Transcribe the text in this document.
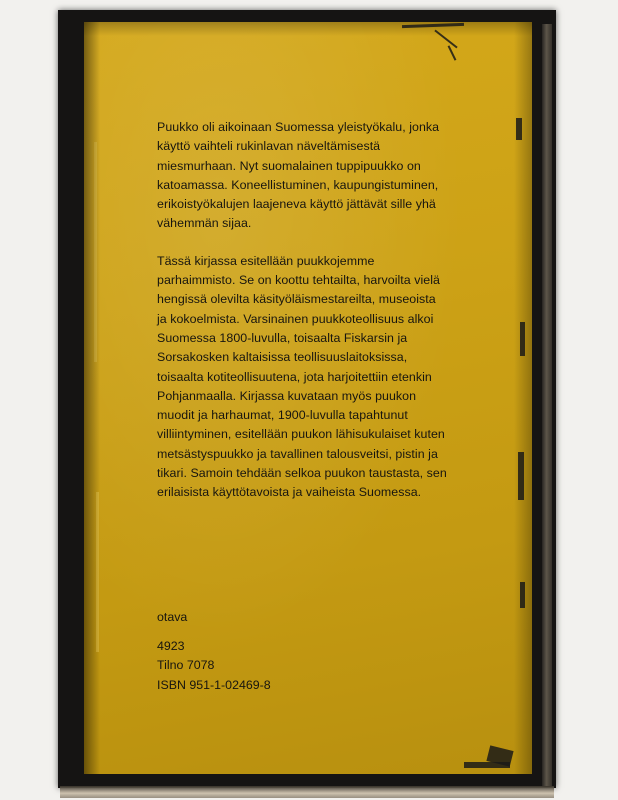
Puukko oli aikoinaan Suomessa yleistyökalu, jonka käyttö vaihteli rukinlavan näveltämisestä miesmurhaan. Nyt suomalainen tuppipuukko on katoamassa. Koneellistuminen, kaupungistuminen, erikoistyökalujen laajeneva käyttö jättävät sille yhä vähemmän sijaa.

Tässä kirjassa esitellään puukkojemme parhaimmisto. Se on koottu tehtailta, harvoilta vielä hengissä olevilta käsityöläismestareilta, museoista ja kokoelmista. Varsinainen puukkoteollisuus alkoi Suomessa 1800-luvulla, toisaalta Fiskarsin ja Sorsakosken kaltaisissa teollisuuslaitoksissa, toisaalta kotiteollisuutena, jota harjoitettiin etenkin Pohjanmaalla. Kirjassa kuvataan myös puukon muodit ja harhaumat, 1900-luvulla tapahtunut villiintyminen, esitellään puukon lähisukulaiset kuten metsästyspuukko ja tavallinen talousveitsi, pistin ja tikari. Samoin tehdään selkoa puukon taustasta, sen erilaisista käyttötavoista ja vaiheista Suomessa.

otava
4923
Tilno 7078
ISBN 951-1-02469-8
